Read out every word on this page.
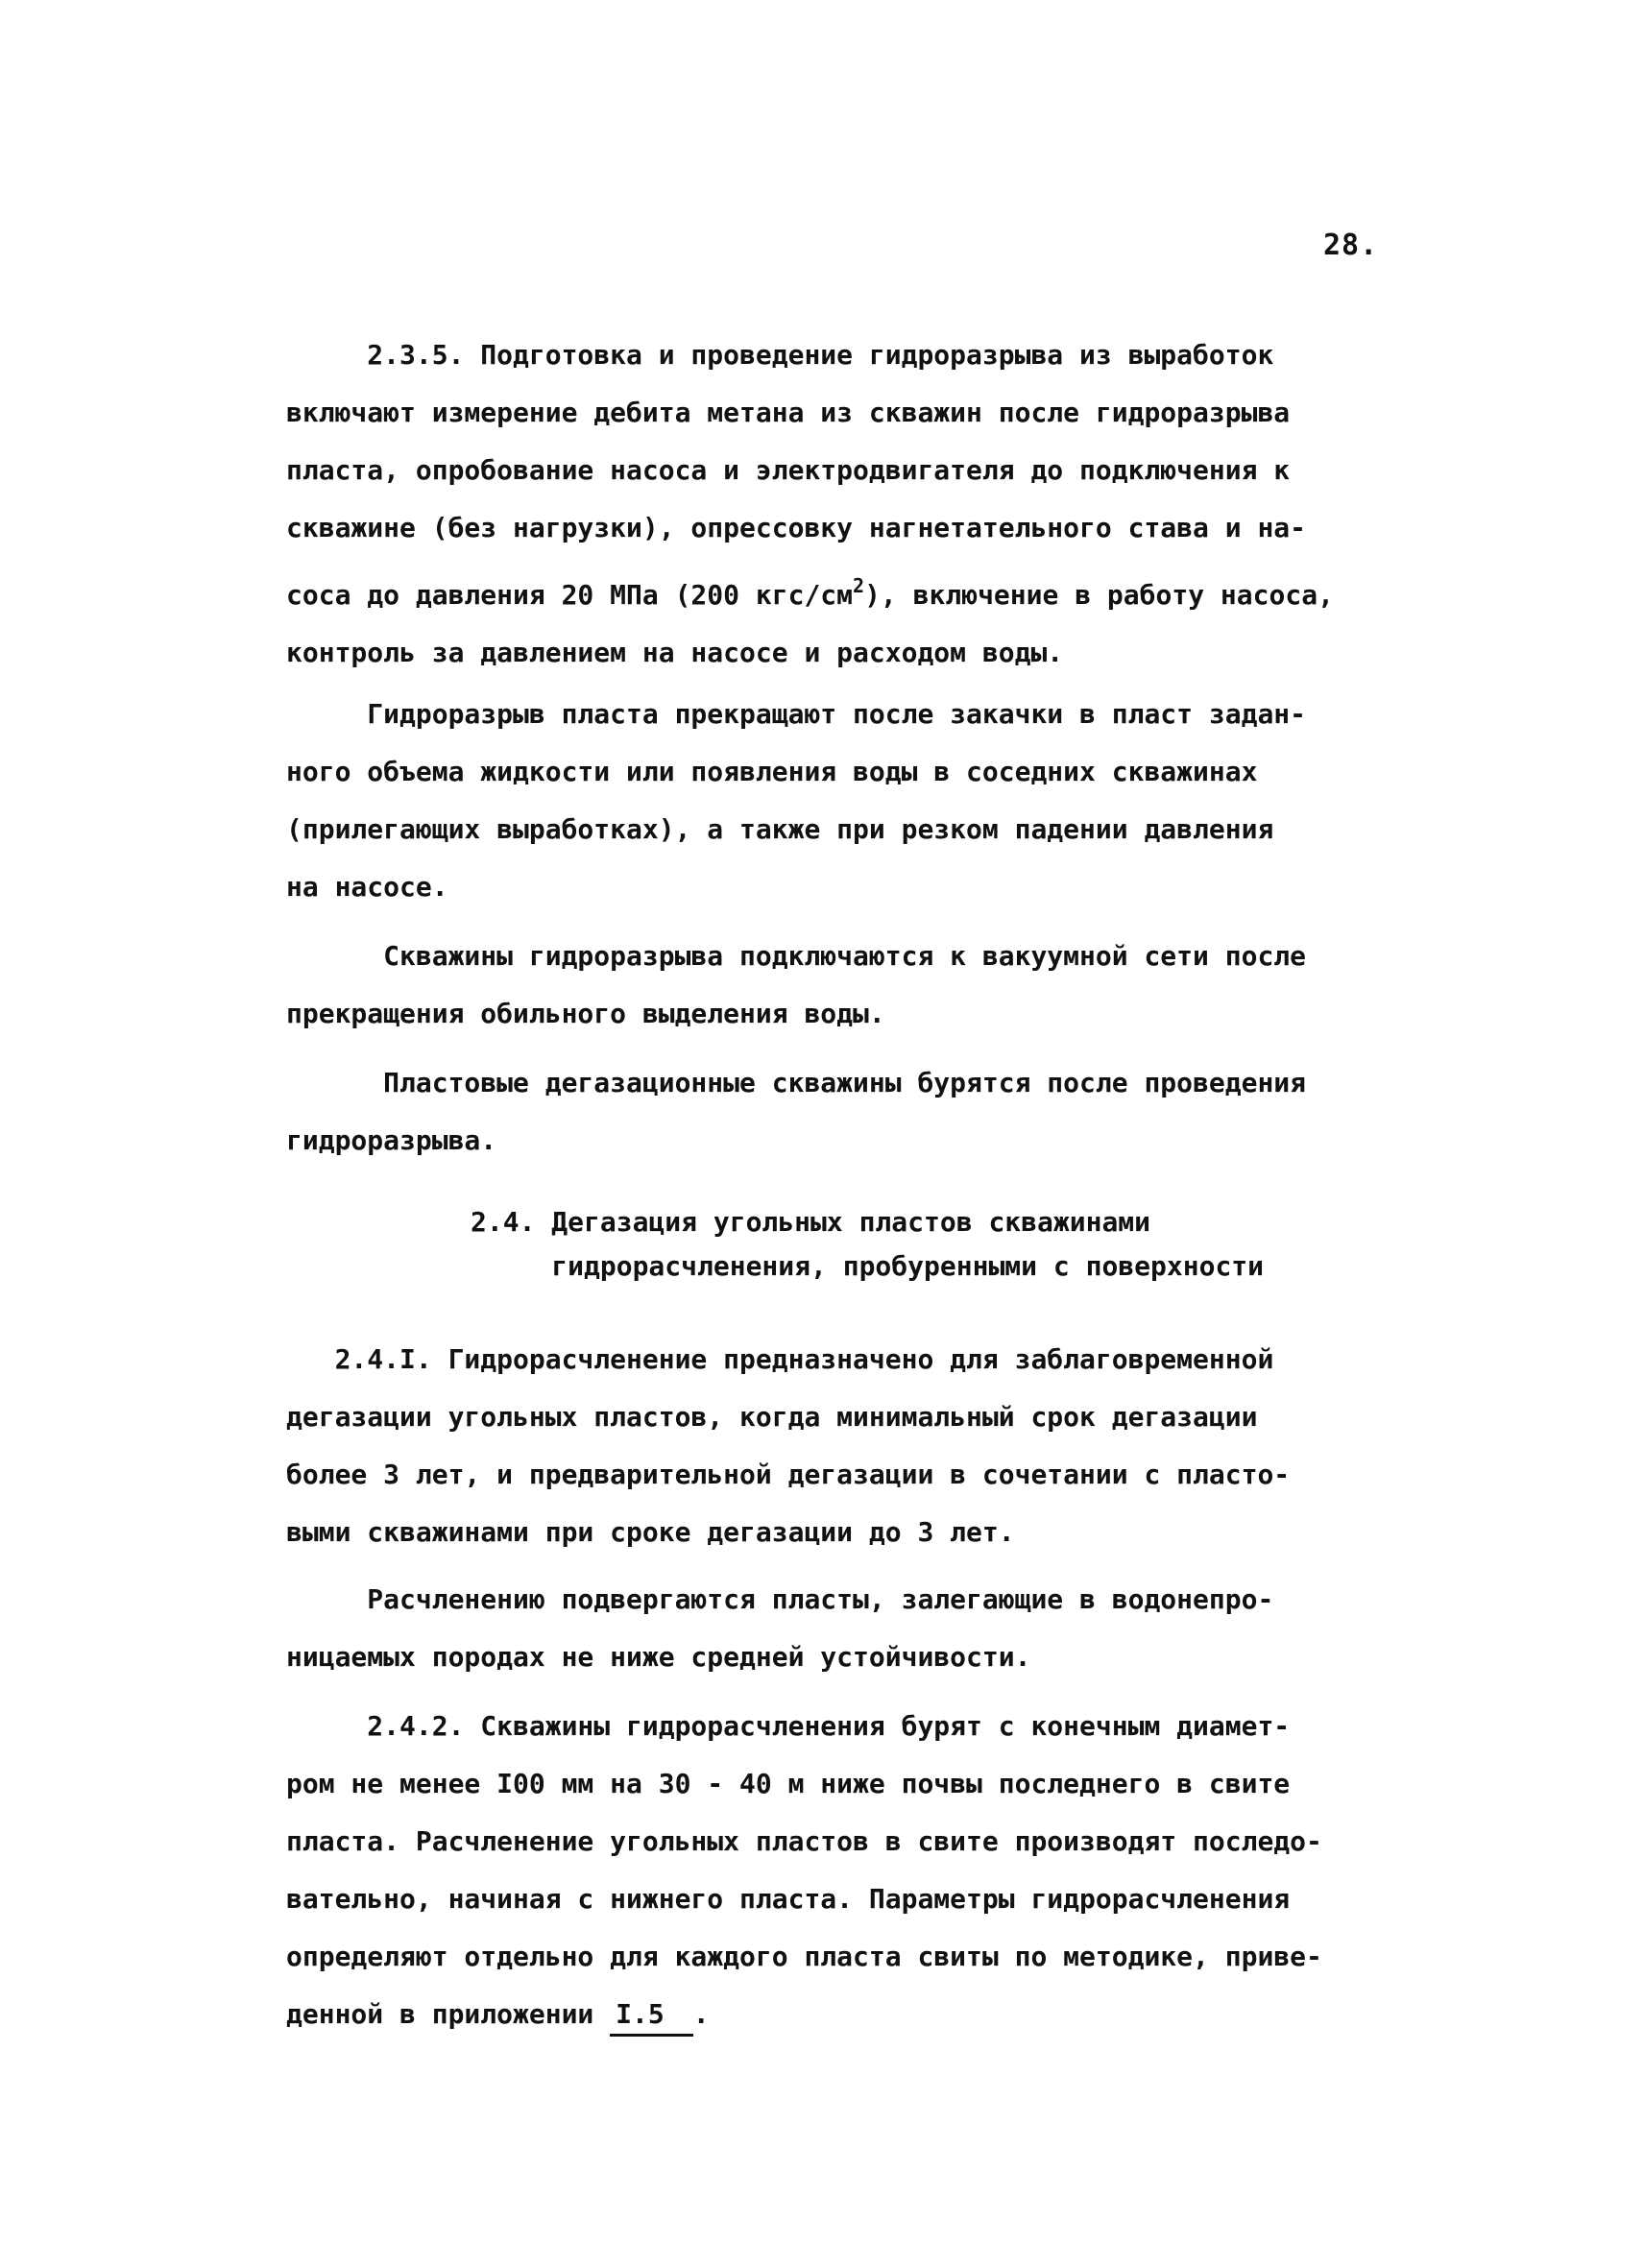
28.
2.3.5. Подготовка и проведение гидроразрыва из выработок
включают измерение дебита метана из скважин после гидроразрыва
пласта, опробование насоса и электродвигателя до подключения к
скважине (без нагрузки), опрессовку нагнетательного става и на-
coca до давления 20 МПа (200 кгс/$см^2$), включение в работу насоса,
контроль за давлением на насосе и расходом воды.
Гидроразрыв пласта прекращают после закачки в пласт задан-
ного объема жидкости или появления воды в соседних скважинах
(прилегающих выработках), а также при резком падении давления
на насосе.
Скважины гидроразрыва подключаются к вакуумной сети после
прекращения обильного выделения воды.
Пластовые дегазационные скважины бурятся после проведения
гидроразрыва.
2.4. Дегазация угольных пластов скважинами
гидрорасчленения, пробуренными с поверхности
2.4.I. Гидрорасчленение предназначено для заблаговременной
дегазации угольных пластов, когда минимальный срок дегазации
более 3 лет, и предварительной дегазации в сочетании с пласто-
выми скважинами при сроке дегазации до 3 лет.
Расчленению подвергаются пласты, залегающие в водонепро-
ницаемых породах не ниже средней устойчивости.
2.4.2. Скважины гидрорасчленения бурят с конечным диамет-
ром не менее I00 мм на 30 - 40 м ниже почвы последнего в свите
пласта. Расчленение угольных пластов в свите производят последо-
вательно, начиная с нижнего пласта. Параметры гидрорасчленения
определяют отдельно для каждого пласта свиты по методике, приве-
денной в приложении I.5 .
